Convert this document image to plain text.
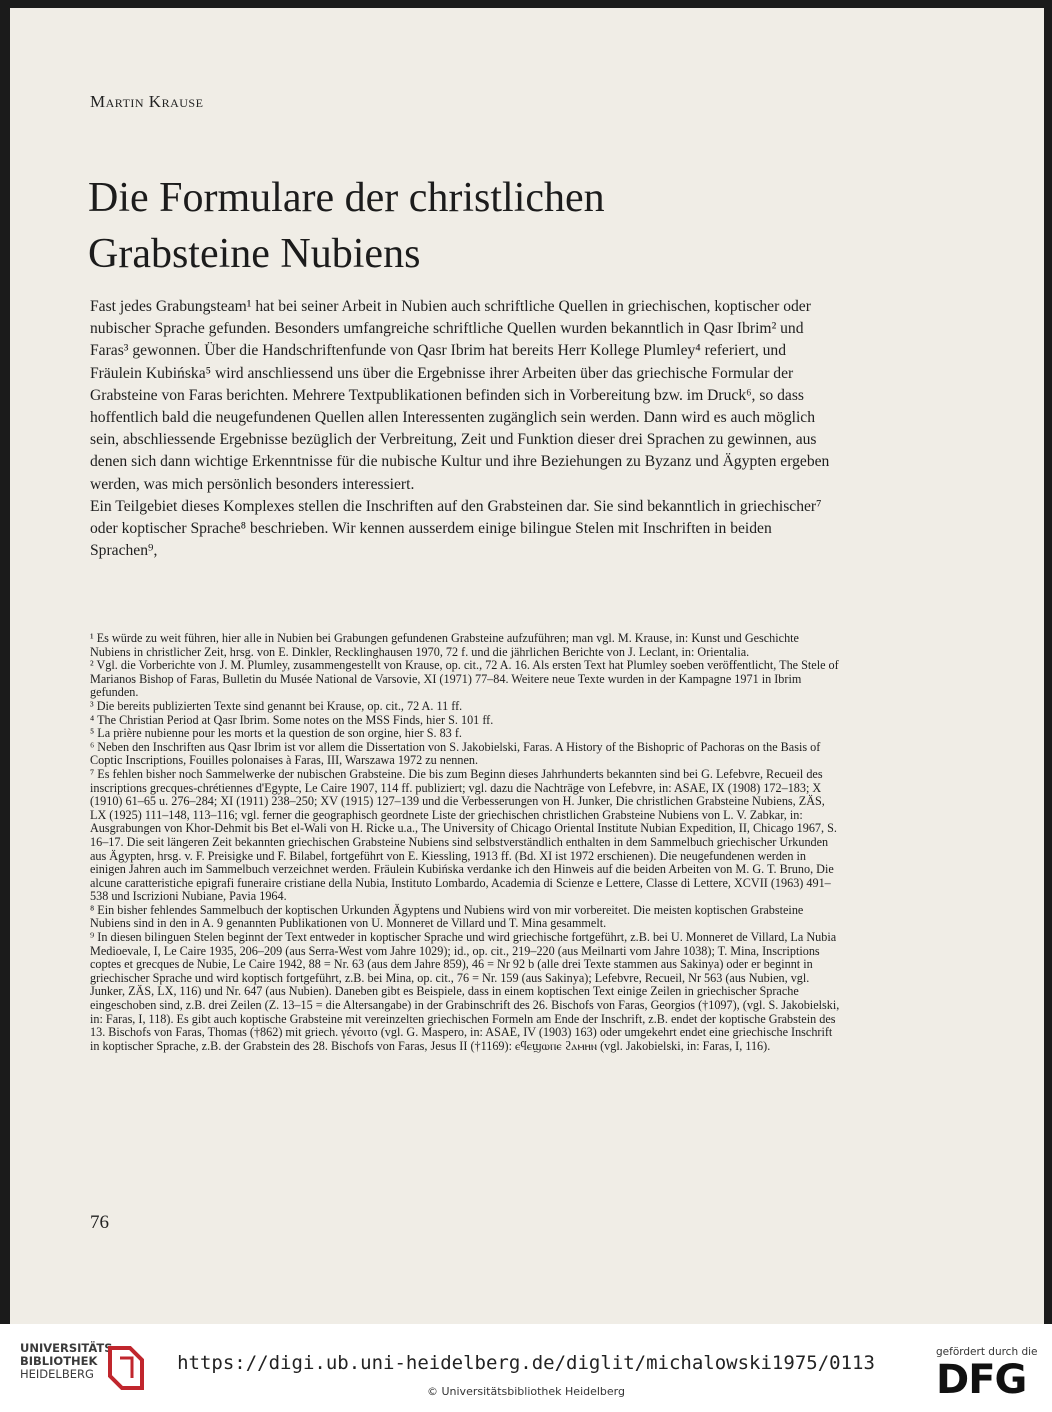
Martin Krause
Die Formulare der christlichen
Grabsteine Nubiens

Fast jedes Grabungsteam¹ hat bei seiner Arbeit in Nubien auch schriftliche Quellen in griechischen, koptischer oder nubischer Sprache gefunden. Besonders umfangreiche schriftliche Quellen wurden bekanntlich in Qasr Ibrim² und Faras³ gewonnen. Über die Handschriftenfunde von Qasr Ibrim hat bereits Herr Kollege Plumley⁴ referiert, und Fräulein Kubińska⁵ wird anschliessend uns über die Ergebnisse ihrer Arbeiten über das griechische Formular der Grabsteine von Faras berichten. Mehrere Textpublikationen befinden sich in Vorbereitung bzw. im Druck⁶, so dass hoffentlich bald die neugefundenen Quellen allen Interessenten zugänglich sein werden. Dann wird es auch möglich sein, abschliessende Ergebnisse bezüglich der Verbreitung, Zeit und Funktion dieser drei Sprachen zu gewinnen, aus denen sich dann wichtige Erkenntnisse für die nubische Kultur und ihre Beziehungen zu Byzanz und Ägypten ergeben werden, was mich persönlich besonders interessiert.

Ein Teilgebiet dieses Komplexes stellen die Inschriften auf den Grabsteinen dar. Sie sind bekanntlich in griechischer⁷ oder koptischer Sprache⁸ beschrieben. Wir kennen ausserdem einige bilingue Stelen mit Inschriften in beiden Sprachen⁹,

¹ Es würde zu weit führen, hier alle in Nubien bei Grabungen gefundenen Grabsteine aufzuführen; man vgl. M. Krause, in: Kunst und Geschichte Nubiens in christlicher Zeit, hrsg. von E. Dinkler, Recklinghausen 1970, 72 f. und die jährlichen Berichte von J. Leclant, in: Orientalia.

² Vgl. die Vorberichte von J. M. Plumley, zusammengestellt von Krause, op. cit., 72 A. 16. Als ersten Text hat Plumley soeben veröffentlicht, The Stele of Marianos Bishop of Faras, Bulletin du Musée National de Varsovie, XI (1971) 77–84. Weitere neue Texte wurden in der Kampagne 1971 in Ibrim gefunden.

³ Die bereits publizierten Texte sind genannt bei Krause, op. cit., 72 A. 11 ff.

⁴ The Christian Period at Qasr Ibrim. Some notes on the MSS Finds, hier S. 101 ff.

⁵ La prière nubienne pour les morts et la question de son orgine, hier S. 83 f.

⁶ Neben den Inschriften aus Qasr Ibrim ist vor allem die Dissertation von S. Jakobielski, Faras. A History of the Bishopric of Pachoras on the Basis of Coptic Inscriptions, Fouilles polonaises à Faras, III, Warszawa 1972 zu nennen.

⁷ Es fehlen bisher noch Sammelwerke der nubischen Grabsteine. Die bis zum Beginn dieses Jahrhunderts bekannten sind bei G. Lefebvre, Recueil des inscriptions grecques-chrétiennes d'Egypte, Le Caire 1907, 114 ff. publiziert; vgl. dazu die Nachträge von Lefebvre, in: ASAE, IX (1908) 172–183; X (1910) 61–65 u. 276–284; XI (1911) 238–250; XV (1915) 127–139 und die Verbesserungen von H. Junker, Die christlichen Grabsteine Nubiens, ZÄS, LX (1925) 111–148, 113–116; vgl. ferner die geographisch geordnete Liste der griechischen christlichen Grabsteine Nubiens von L. V. Zabkar, in: Ausgrabungen von Khor-Dehmit bis Bet el-Wali von H. Ricke u.a., The University of Chicago Oriental Institute Nubian Expedition, II, Chicago 1967, S. 16–17. Die seit längeren Zeit bekannten griechischen Grabsteine Nubiens sind selbstverständlich enthalten in dem Sammelbuch griechischer Urkunden aus Ägypten, hrsg. v. F. Preisigke und F. Bilabel, fortgeführt von E. Kiessling, 1913 ff. (Bd. XI ist 1972 erschienen). Die neugefundenen werden in einigen Jahren auch im Sammelbuch verzeichnet werden. Fräulein Kubińska verdanke ich den Hinweis auf die beiden Arbeiten von M. G. T. Bruno, Die alcune caratteristiche epigrafi funeraire cristiane della Nubia, Instituto Lombardo, Academia di Scienze e Lettere, Classe di Lettere, XCVII (1963) 491–538 und Iscrizioni Nubiane, Pavia 1964.

⁸ Ein bisher fehlendes Sammelbuch der koptischen Urkunden Ägyptens und Nubiens wird von mir vorbereitet. Die meisten koptischen Grabsteine Nubiens sind in den in A. 9 genannten Publikationen von U. Monneret de Villard und T. Mina gesammelt.

⁹ In diesen bilinguen Stelen beginnt der Text entweder in koptischer Sprache und wird griechische fortgeführt, z.B. bei U. Monneret de Villard, La Nubia Medioevale, I, Le Caire 1935, 206–209 (aus Serra-West vom Jahre 1029); id., op. cit., 219–220 (aus Meilnarti vom Jahre 1038); T. Mina, Inscriptions coptes et grecques de Nubie, Le Caire 1942, 88 = Nr. 63 (aus dem Jahre 859), 46 = Nr 92 b (alle drei Texte stammen aus Sakinya) oder er beginnt in griechischer Sprache und wird koptisch fortgeführt, z.B. bei Mina, op. cit., 76 = Nr. 159 (aus Sakinya); Lefebvre, Recueil, Nr 563 (aus Nubien, vgl. Junker, ZÄS, LX, 116) und Nr. 647 (aus Nubien). Daneben gibt es Beispiele, dass in einem koptischen Text einige Zeilen in griechischer Sprache eingeschoben sind, z.B. drei Zeilen (Z. 13–15 = die Altersangabe) in der Grabinschrift des 26. Bischofs von Faras, Georgios (†1097), (vgl. S. Jakobielski, in: Faras, I, 118). Es gibt auch koptische Grabsteine mit vereinzelten griechischen Formeln am Ende der Inschrift, z.B. endet der koptische Grabstein des 13. Bischofs von Faras, Thomas (†862) mit griech. γένοιτο (vgl. G. Maspero, in: ASAE, IV (1903) 163) oder umgekehrt endet eine griechische Inschrift in koptischer Sprache, z.B. der Grabstein des 28. Bischofs von Faras, Jesus II (†1169): ⲉϥⲉϣⲱⲡⲉ ϩⲁⲙⲏⲛ (vgl. Jakobielski, in: Faras, I, 116).

76
UNIVERSITÄTS-
BIBLIOTHEK
HEIDELBERG	https://digi.ub.uni-heidelberg.de/diglit/michalowski1975/0113
© Universitätsbibliothek Heidelberg
gefördert durch die
DFG
